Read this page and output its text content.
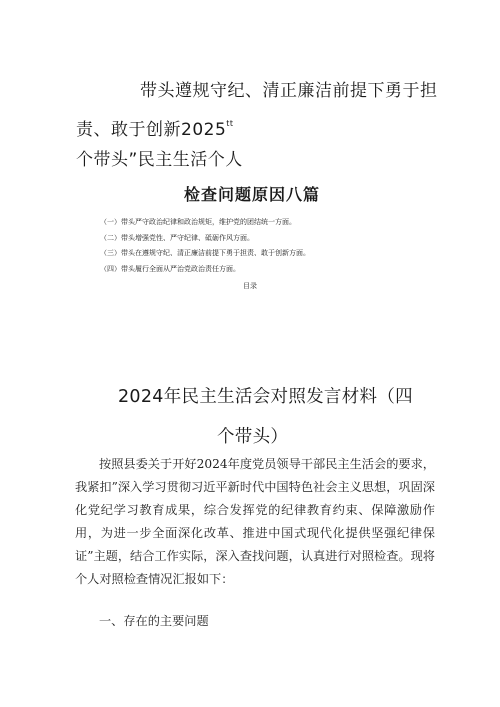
带头遵规守纪、清正廉洁前提下勇于担
责、敢于创新$2025^{tt}$
个带头”民主生活个人
检查问题原因八篇
（一）带头严守政治纪律和政治规矩，维护党的团结统一方面。
（二）带头增强党性、严守纪律、砥砺作风方面。
（三）带头在遵规守纪、清正廉洁前提下勇于担责、敢于创新方面。
（四）带头履行全面从严治党政治责任方面。
目录
2024年民主生活会对照发言材料（四
个带头）
按照县委关于开好2024年度党员领导干部民主生活会的要求，我紧扣”深入学习贯彻习近平新时代中国特色社会主义思想，巩固深化党纪学习教育成果，综合发挥党的纪律教育约束、保障激励作用，为进一步全面深化改革、推进中国式现代化提供坚强纪律保证”主题，结合工作实际，深入查找问题，认真进行对照检查。现将个人对照检查情况汇报如下：
一、存在的主要问题
